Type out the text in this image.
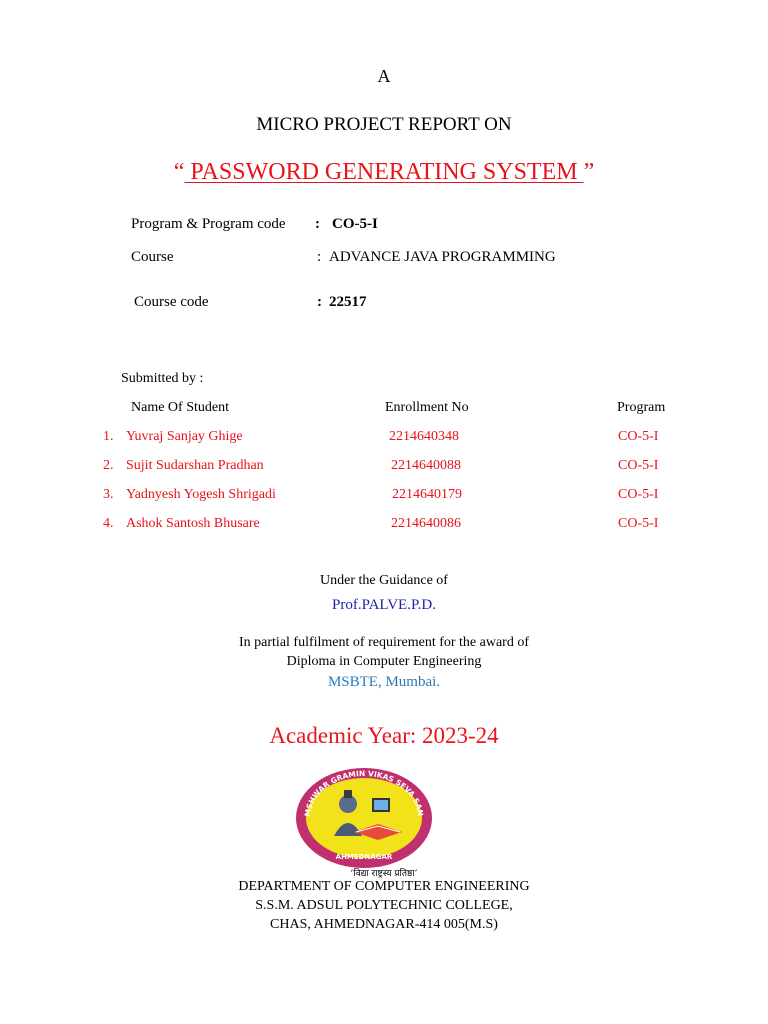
A
MICRO PROJECT REPORT ON
“ PASSWORD GENERATING SYSTEM ”
Program & Program code : CO-5-I
Course	: ADVANCE JAVA PROGRAMMING
Course code	: 22517
Submitted by :
Name Of Student	Enrollment No	Program
1. Yuvraj Sanjay Ghige	2214640348	CO-5-I
2. Sujit Sudarshan Pradhan	2214640088	CO-5-I
3. Yadnyesh Yogesh Shrigadi	2214640179	CO-5-I
4. Ashok Santosh Bhusare	2214640086	CO-5-I
Under the Guidance of
Prof.PALVE.P.D.
In partial fulfilment of requirement for the award of
Diploma in Computer Engineering
MSBTE, Mumbai.
Academic Year: 2023-24
MSHWAR GRAMIN VIKAS SEVA SAN
AHMEDNAGAR
‘विद्या राष्ट्रस्य प्रतिष्ठा’
DEPARTMENT OF COMPUTER ENGINEERING
S.S.M. ADSUL POLYTECHNIC COLLEGE,
CHAS, AHMEDNAGAR-414 005(M.S)
